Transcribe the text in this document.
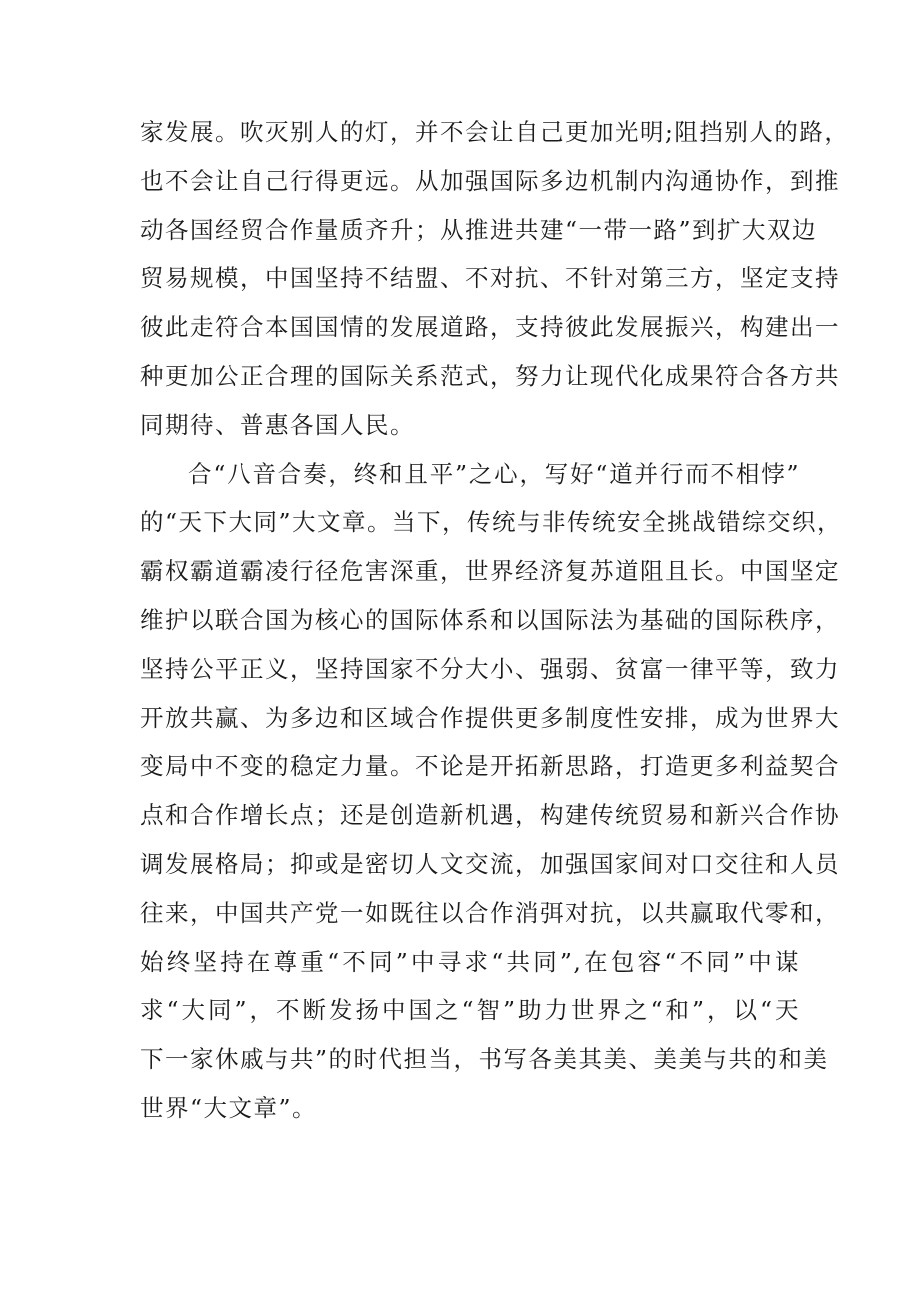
家发展。吹灭别人的灯，并不会让自己更加光明;阻挡别人的路，
也不会让自己行得更远。从加强国际多边机制内沟通协作，到推
动各国经贸合作量质齐升；从推进共建“一带一路”到扩大双边
贸易规模，中国坚持不结盟、不对抗、不针对第三方，坚定支持
彼此走符合本国国情的发展道路，支持彼此发展振兴，构建出一
种更加公正合理的国际关系范式，努力让现代化成果符合各方共
同期待、普惠各国人民。
合“八音合奏，终和且平”之心，写好“道并行而不相悖”
的“天下大同”大文章。当下，传统与非传统安全挑战错综交织，
霸权霸道霸凌行径危害深重，世界经济复苏道阻且长。中国坚定
维护以联合国为核心的国际体系和以国际法为基础的国际秩序，
坚持公平正义，坚持国家不分大小、强弱、贫富一律平等，致力
开放共赢、为多边和区域合作提供更多制度性安排，成为世界大
变局中不变的稳定力量。不论是开拓新思路，打造更多利益契合
点和合作增长点；还是创造新机遇，构建传统贸易和新兴合作协
调发展格局；抑或是密切人文交流，加强国家间对口交往和人员
往来，中国共产党一如既往以合作消弭对抗，以共赢取代零和，
始终坚持在尊重“不同”中寻求“共同”,在包容“不同”中谋
求“大同”，不断发扬中国之“智”助力世界之“和”，以“天
下一家休戚与共”的时代担当，书写各美其美、美美与共的和美
世界“大文章”。
